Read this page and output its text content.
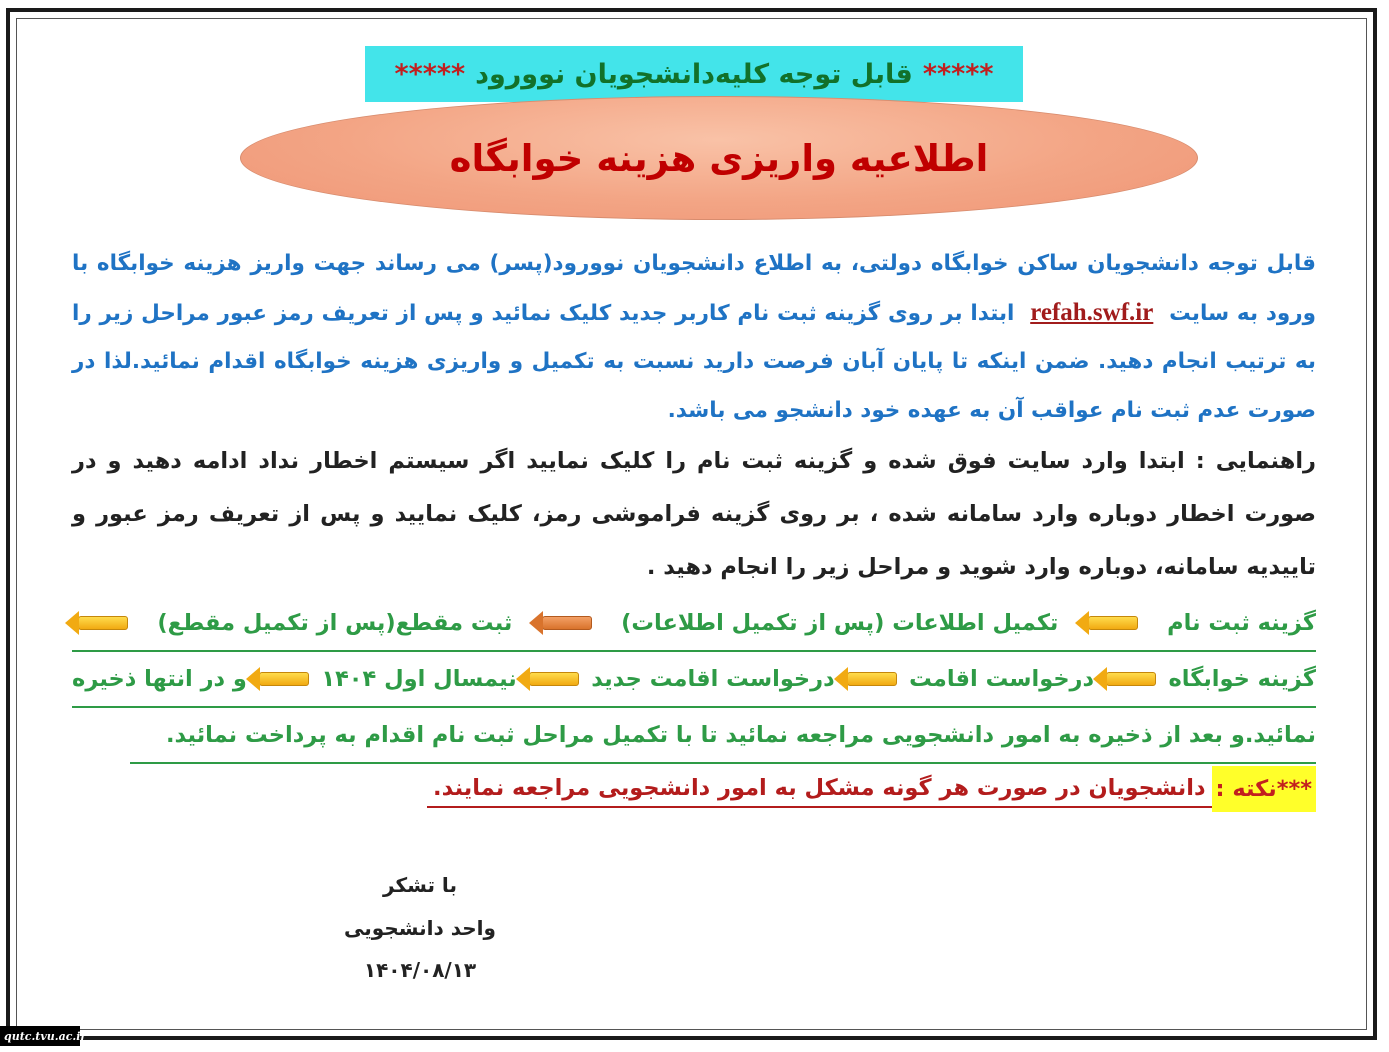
*****
قابل توجه کلیه‌دانشجویان نوورود
*****
اطلاعیه واریزی هزینه خوابگاه
قابل توجه دانشجویان ساکن خوابگاه دولتی، به اطلاع دانشجویان نوورود(پسر) می رساند جهت واریز هزینه خوابگاه با ورود به سایت refah.swf.ir ابتدا بر روی گزینه ثبت نام کاربر جدید کلیک نمائید و پس از تعریف رمز عبور مراحل زیر را به ترتیب انجام دهید. ضمن اینکه تا پایان آبان فرصت دارید نسبت به تکمیل و واریزی هزینه خوابگاه اقدام نمائید.لذا در صورت عدم ثبت نام عواقب آن به عهده خود دانشجو می باشد.
راهنمایی : ابتدا وارد سایت فوق شده و گزینه ثبت نام را کلیک نمایید اگر سیستم اخطار نداد ادامه دهید و در صورت اخطار دوباره وارد سامانه شده ، بر روی گزینه فراموشی رمز، کلیک نمایید و پس از تعریف رمز عبور و تاییدیه سامانه، دوباره وارد شوید و مراحل زیر را انجام دهید .
گزینه ثبت نام
تکمیل اطلاعات (پس از تکمیل اطلاعات)
ثبت مقطع(پس از تکمیل مقطع)
گزینه خوابگاه
درخواست اقامت
درخواست اقامت جدید
نیمسال اول ۱۴۰۴
و در انتها ذخیره
نمائید.و بعد از ذخیره به امور دانشجویی مراجعه نمائید تا با تکمیل مراحل ثبت نام اقدام به پرداخت نمائید.
***نکته :
دانشجویان در صورت هر گونه مشکل به امور دانشجویی مراجعه نمایند.
با تشکر
واحد دانشجویی
۱۴۰۴/۰۸/۱۳
qutc.tvu.ac.ir
